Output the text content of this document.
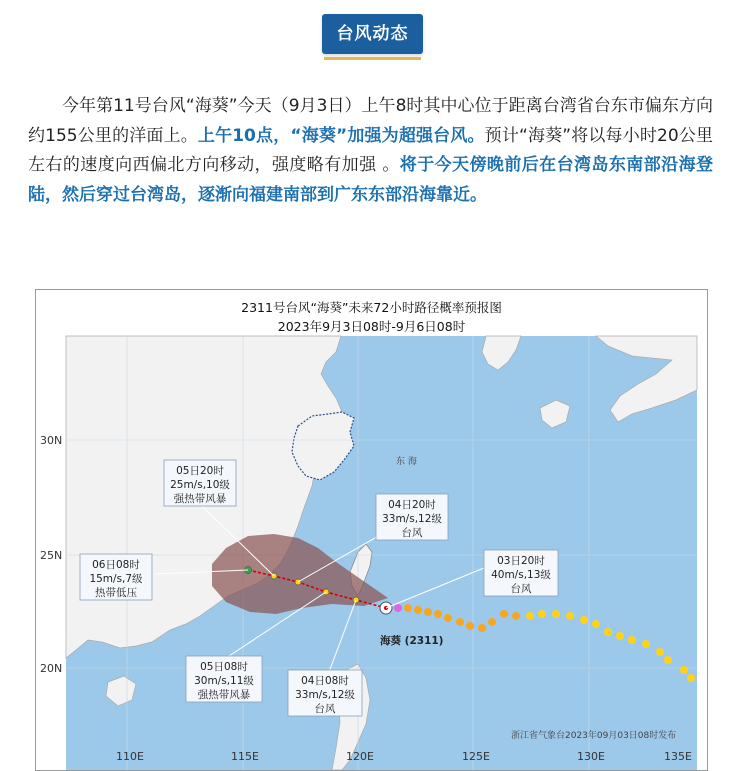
台风动态
今年第11号台风“海葵”今天（9月3日）上午8时其中心位于距离台湾省台东市偏东方向约155公里的洋面上。上午10点，“海葵”加强为超强台风。预计“海葵”将以每小时20公里左右的速度向西偏北方向移动，强度略有加强 。将于今天傍晚前后在台湾岛东南部沿海登陆，然后穿过台湾岛，逐渐向福建南部到广东东部沿海靠近。
2311号台风“海葵”未来72小时路径概率预报图
2023年9月3日08时-9月6日08时
30N
25N
20N
110E	115E	120E	125E	130E	135E
东 海
海葵 (2311)
05日20时
25m/s,10级
强热带风暴
06日08时
15m/s,7级
热带低压
04日20时
33m/s,12级
台风
03日20时
40m/s,13级
台风
05日08时
30m/s,11级
强热带风暴
04日08时
33m/s,12级
台风
浙江省气象台2023年09月03日08时发布
